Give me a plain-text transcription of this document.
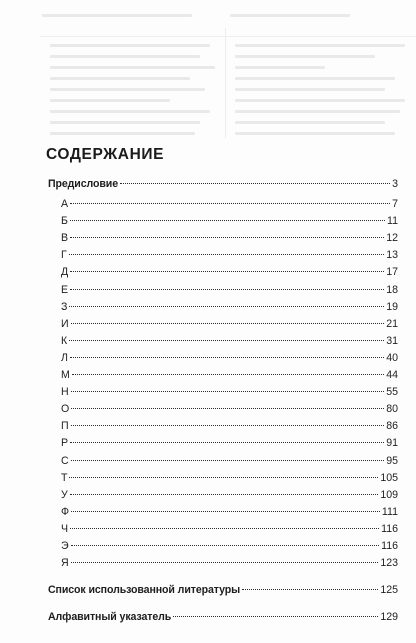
СОДЕРЖАНИЕ
Предисловие	3
А	7
Б	11
В	12
Г	13
Д	17
Е	18
З	19
И	21
К	31
Л	40
М	44
Н	55
О	80
П	86
Р	91
С	95
Т	105
У	109
Ф	111
Ч	116
Э	116
Я	123
Список использованной литературы	125
Алфавитный указатель	129
